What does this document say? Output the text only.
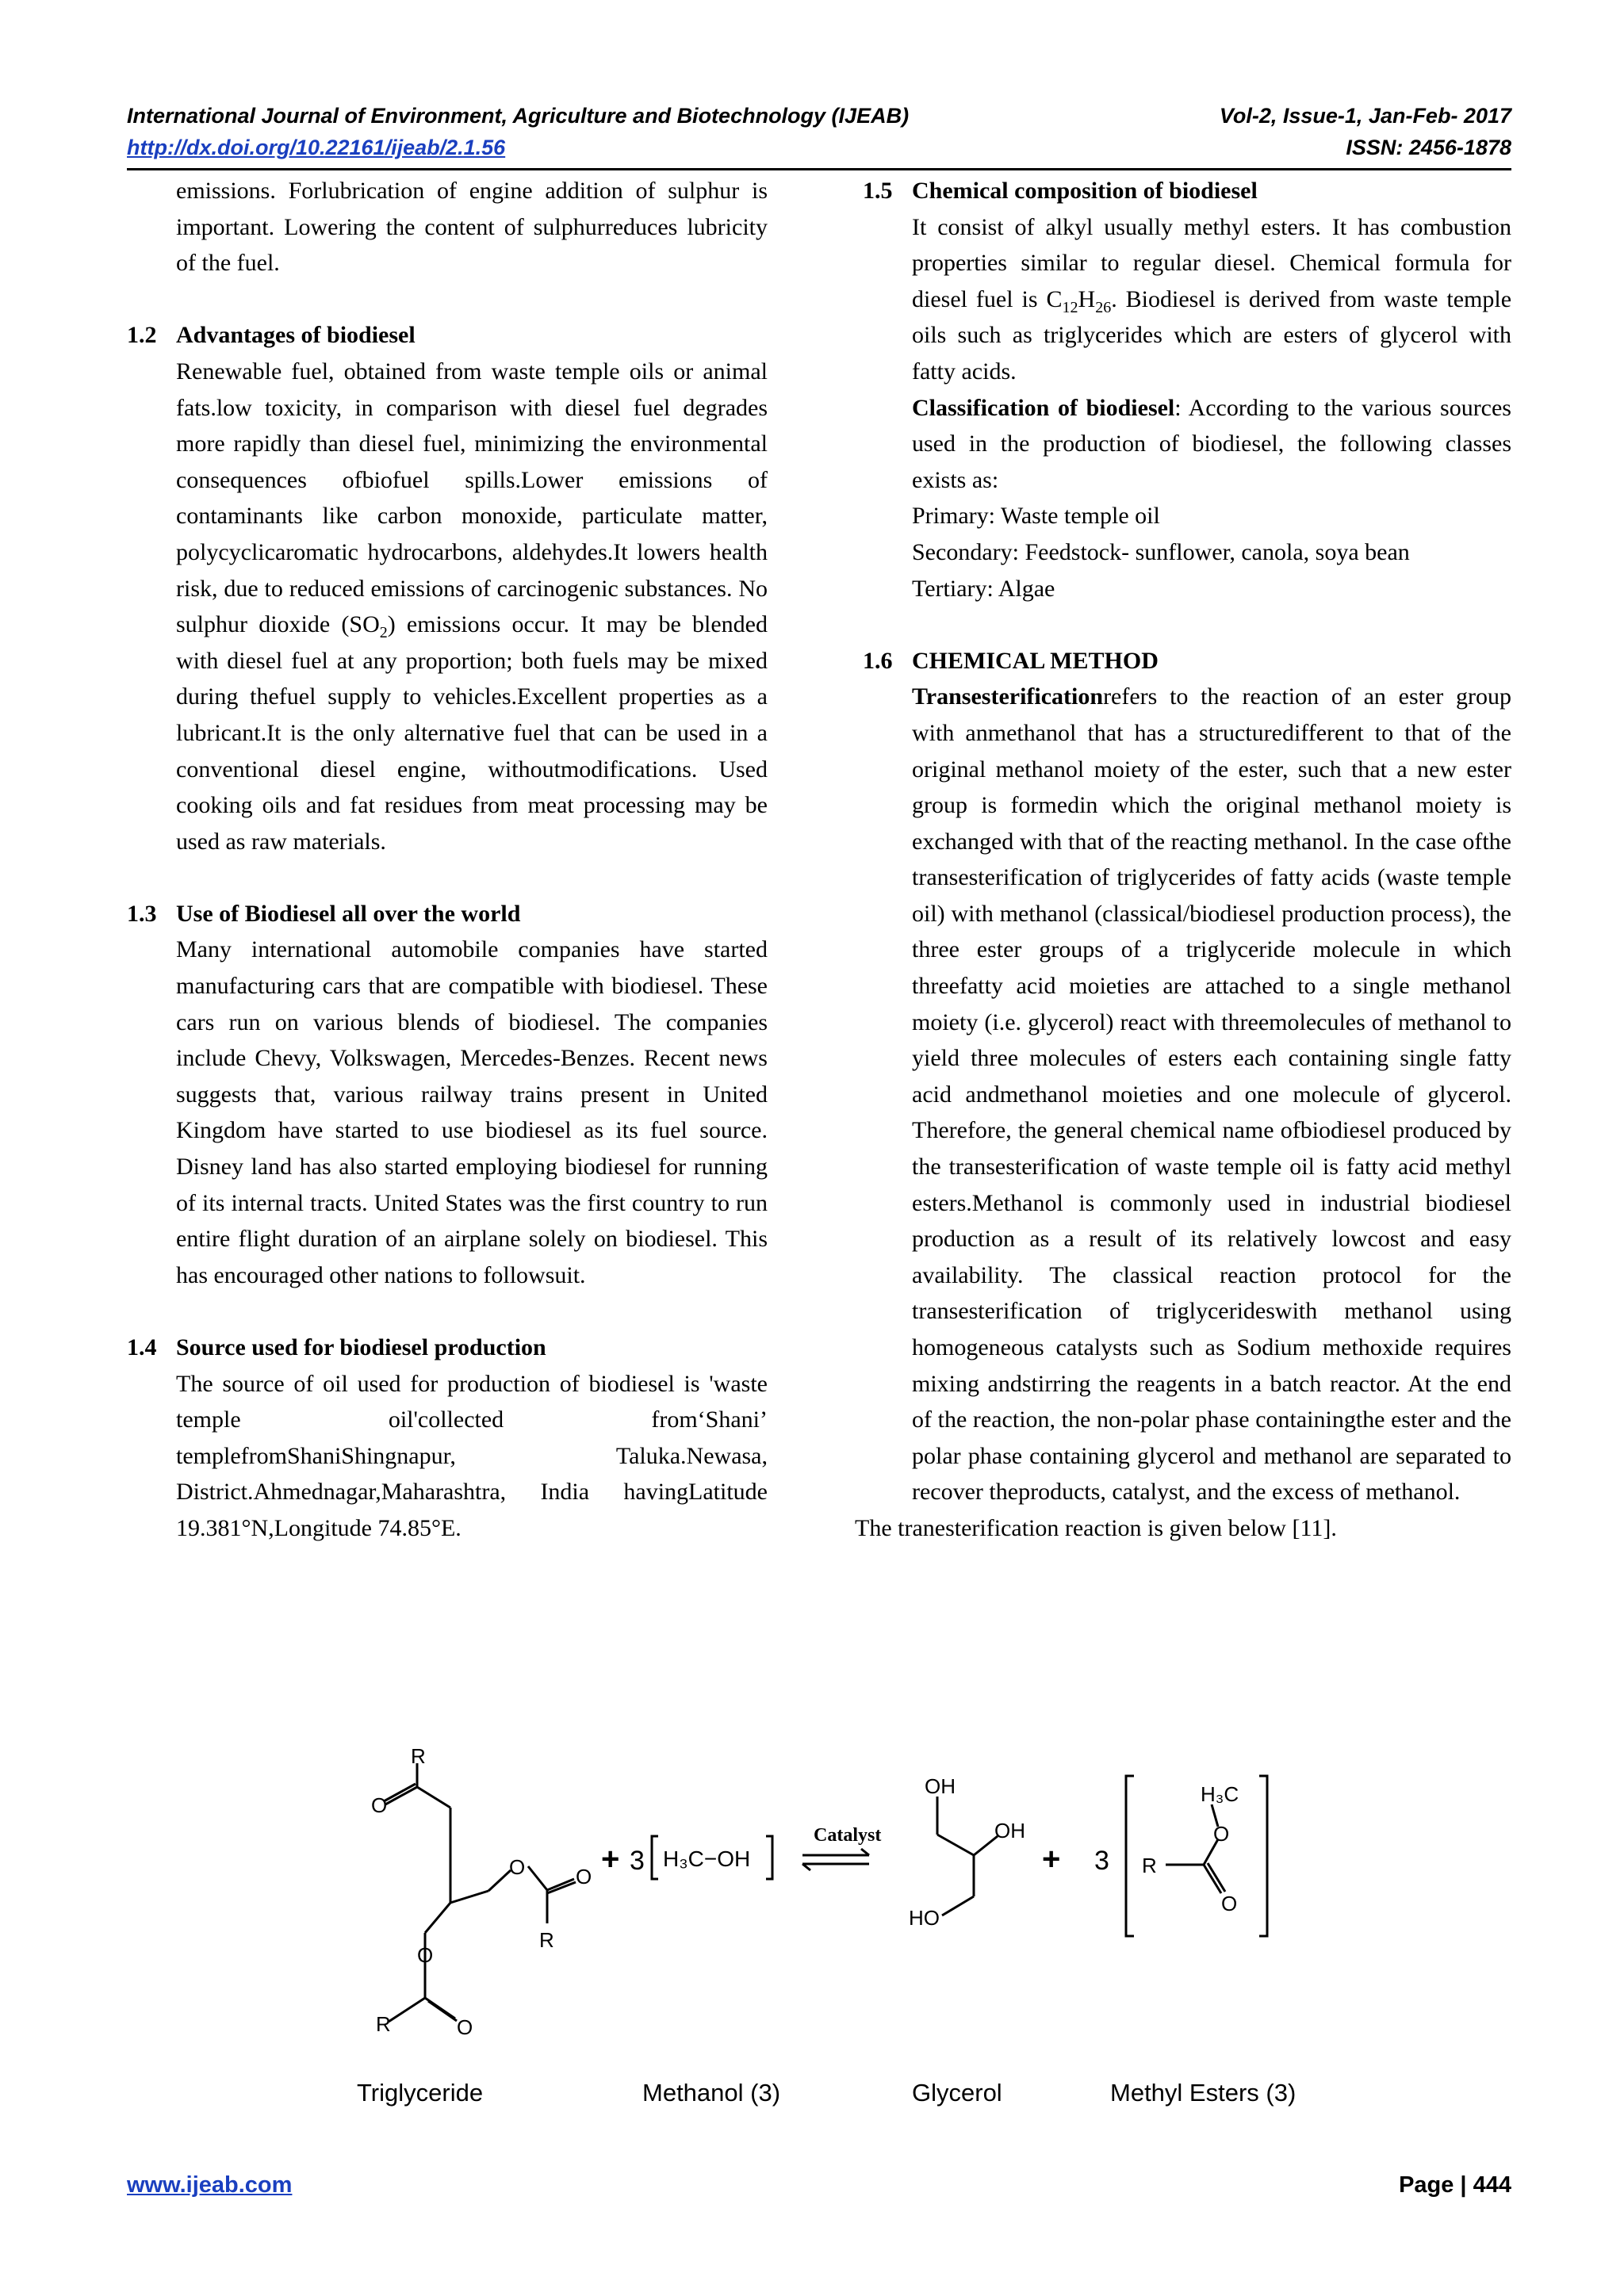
International Journal of Environment, Agriculture and Biotechnology (IJEAB)	Vol-2, Issue-1, Jan-Feb- 2017
http://dx.doi.org/10.22161/ijeab/2.1.56	ISSN: 2456-1878

emissions. Forlubrication of engine addition of sulphur is important. Lowering the content of sulphurreduces lubricity of the fuel.

1.2 Advantages of biodiesel

Renewable fuel, obtained from waste temple oils or animal fats.low toxicity, in comparison with diesel fuel degrades more rapidly than diesel fuel, minimizing the environmental consequences ofbiofuel spills.Lower emissions of contaminants like carbon monoxide, particulate matter, polycyclicaromatic hydrocarbons, aldehydes.It lowers health risk, due to reduced emissions of carcinogenic substances. No sulphur dioxide $(SO_2)$ emissions occur. It may be blended with diesel fuel at any proportion; both fuels may be mixed during thefuel supply to vehicles.Excellent properties as a lubricant.It is the only alternative fuel that can be used in a conventional diesel engine, withoutmodifications. Used cooking oils and fat residues from meat processing may be used as raw materials.

1.3 Use of Biodiesel all over the world

Many international automobile companies have started manufacturing cars that are compatible with biodiesel. These cars run on various blends of biodiesel. The companies include Chevy, Volkswagen, Mercedes-Benzes. Recent news suggests that, various railway trains present in United Kingdom have started to use biodiesel as its fuel source. Disney land has also started employing biodiesel for running of its internal tracts. United States was the first country to run entire flight duration of an airplane solely on biodiesel. This has encouraged other nations to followsuit.

1.4 Source used for biodiesel production

The source of oil used for production of biodiesel is 'waste temple oil'collected from‘Shani’ templefromShaniShingnapur, Taluka.Newasa, District.Ahmednagar,Maharashtra, India havingLatitude 19.381°N,Longitude 74.85°E.

1.5 Chemical composition of biodiesel

It consist of alkyl usually methyl esters. It has combustion properties similar to regular diesel. Chemical formula for diesel fuel is $C_{12}H_{26}$. Biodiesel is derived from waste temple oils such as triglycerides which are esters of glycerol with fatty acids.

Classification of biodiesel: According to the various sources used in the production of biodiesel, the following classes exists as:

Primary: Waste temple oil
Secondary: Feedstock- sunflower, canola, soya bean
Tertiary: Algae
1.6 CHEMICAL METHOD

Transesterificationrefers to the reaction of an ester group with anmethanol that has a structuredifferent to that of the original methanol moiety of the ester, such that a new ester group is formedin which the original methanol moiety is exchanged with that of the reacting methanol. In the case ofthe transesterification of triglycerides of fatty acids (waste temple oil) with methanol (classical/biodiesel production process), the three ester groups of a triglyceride molecule in which threefatty acid moieties are attached to a single methanol moiety (i.e. glycerol) react with threemolecules of methanol to yield three molecules of esters each containing single fatty acid andmethanol moieties and one molecule of glycerol. Therefore, the general chemical name ofbiodiesel produced by the transesterification of waste temple oil is fatty acid methyl esters.Methanol is commonly used in industrial biodiesel production as a result of its relatively lowcost and easy availability. The classical reaction protocol for the transesterification of triglycerideswith methanol using homogeneous catalysts such as Sodium methoxide requires mixing andstirring the reagents in a batch reactor. At the end of the reaction, the non-polar phase containingthe ester and the polar phase containing glycerol and methanol are separated to recover theproducts, catalyst, and the excess of methanol.

The tranesterification reaction is given below [11].

R
O
O O
R
O
R	O
OH
OH
HO
H₃C
O
R
O
H₃C−OH
Catalyst
+ 3	+ 3
Triglyceride	Methanol (3)	Glycerol	Methyl Esters (3)
www.ijeab.com	Page | 444
